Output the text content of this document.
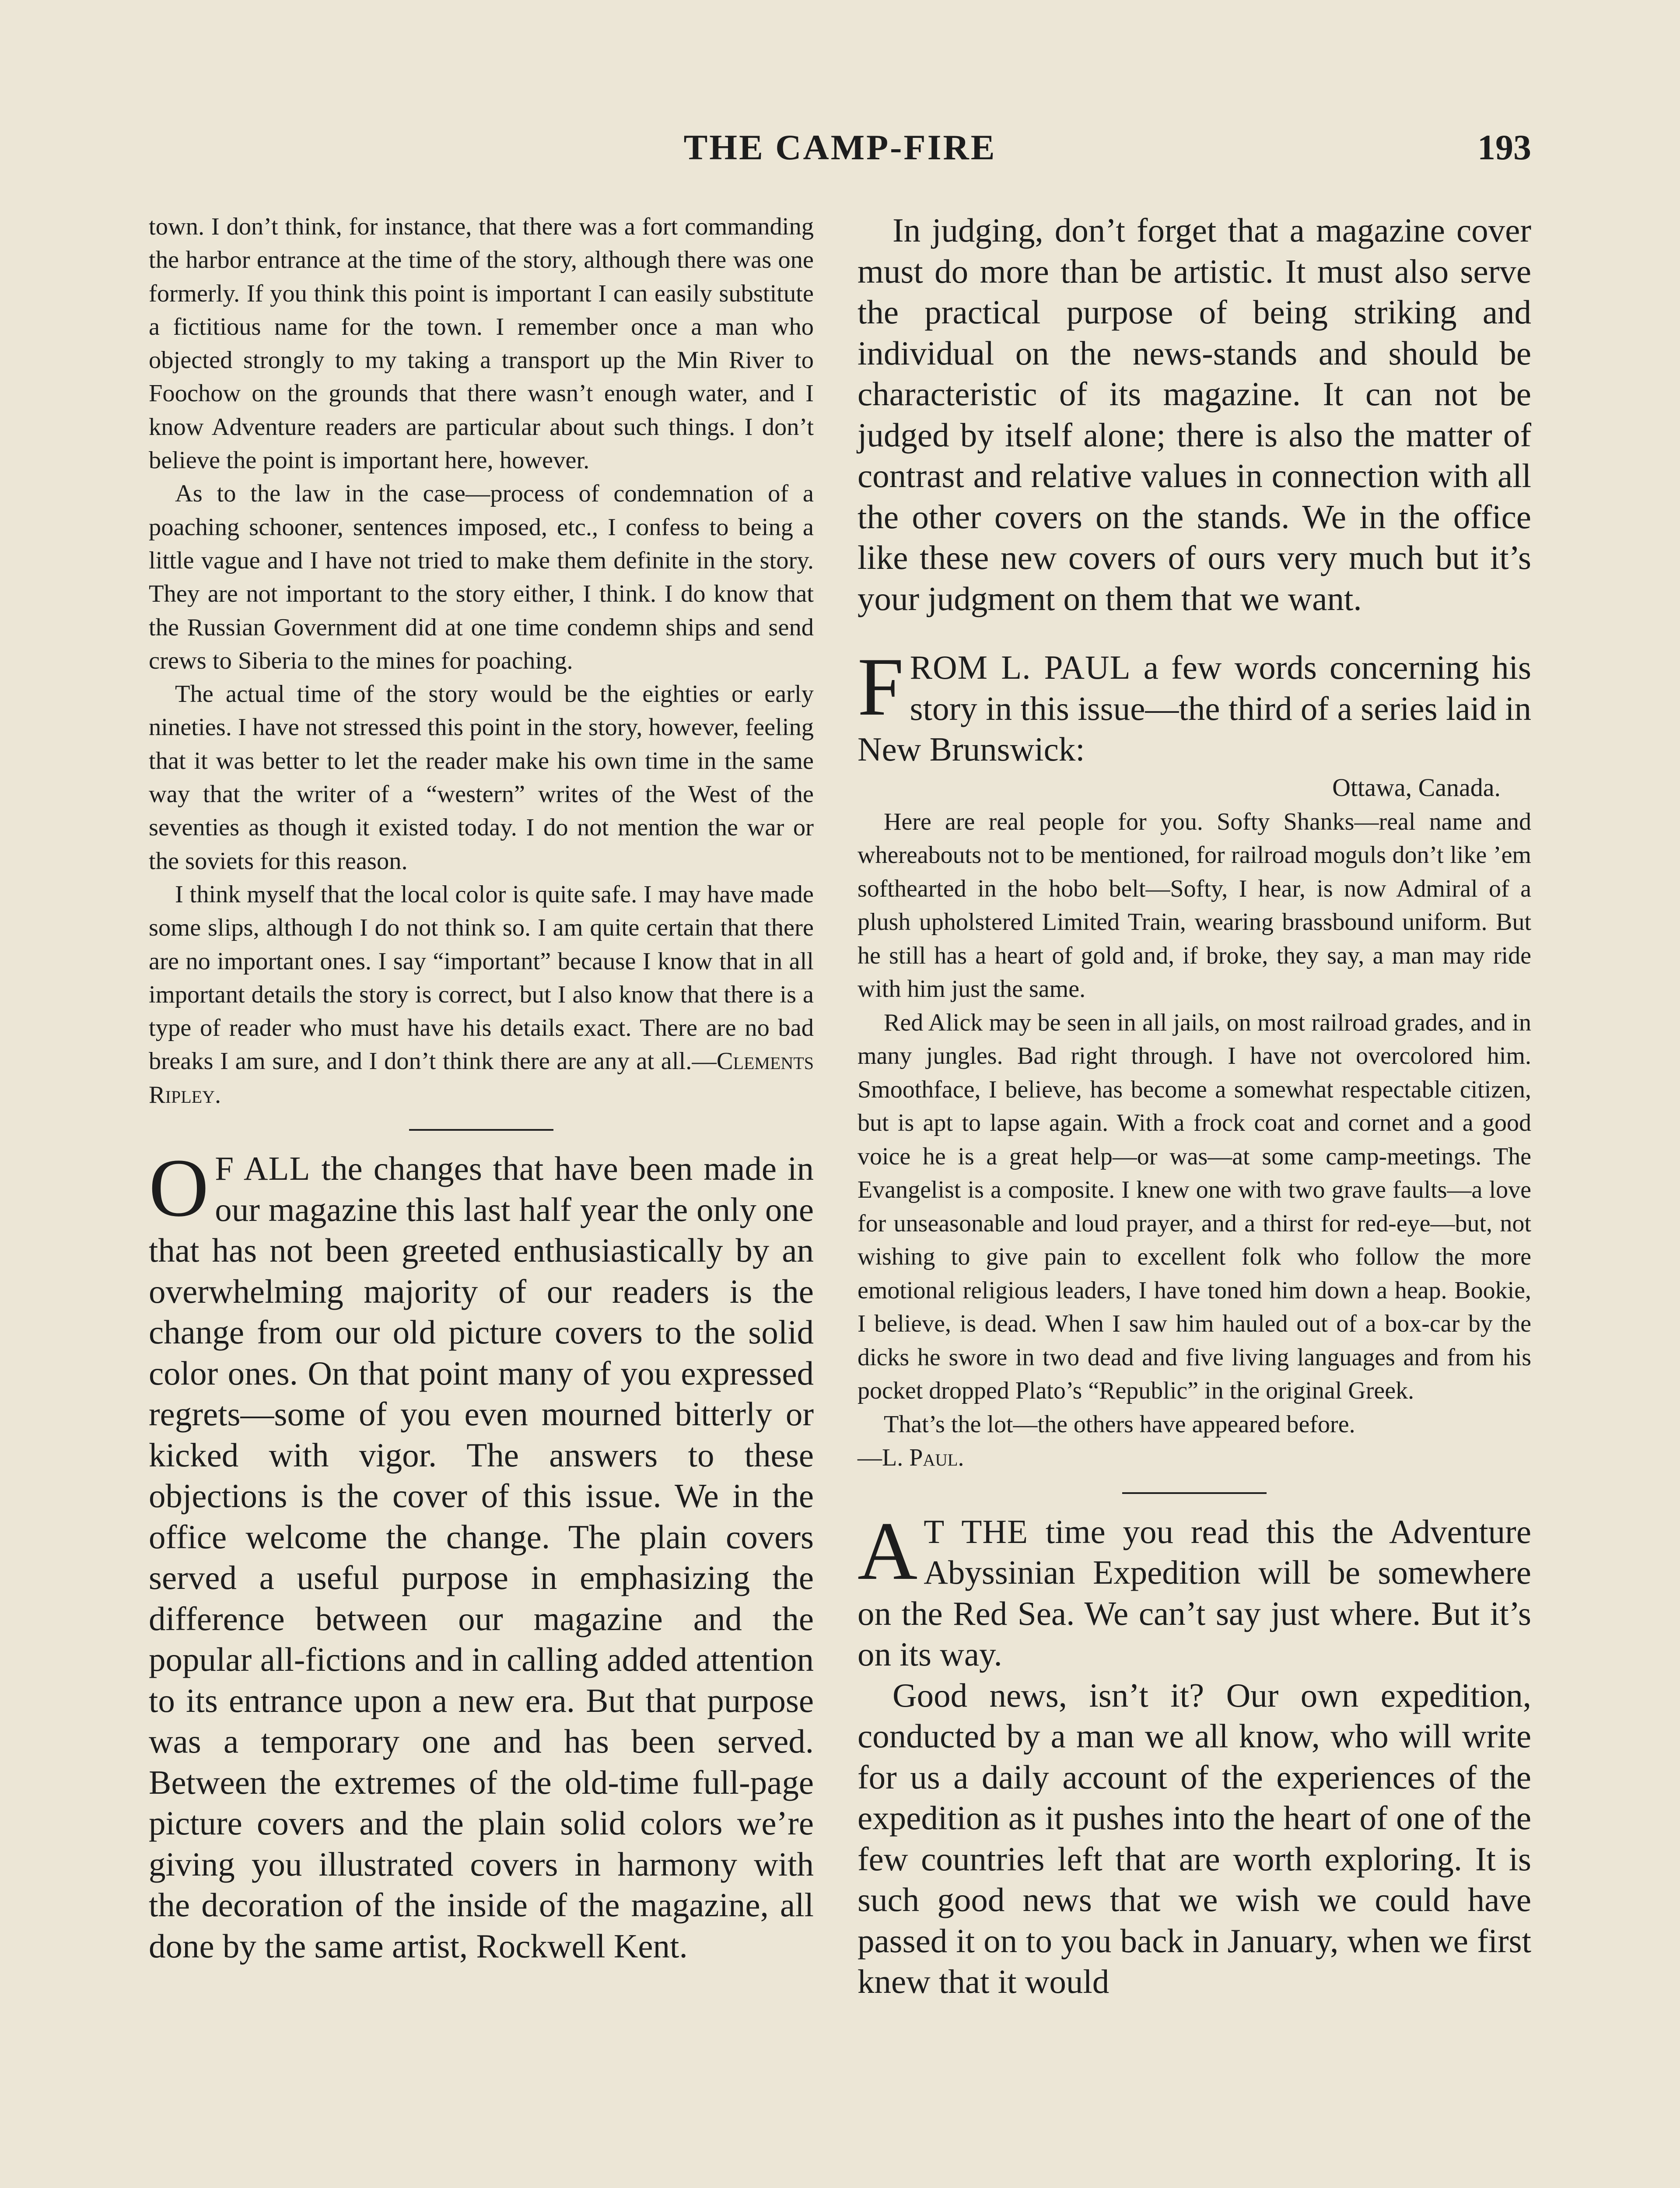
THE CAMP-FIRE	193

town. I don’t think, for instance, that there was a fort commanding the harbor entrance at the time of the story, although there was one formerly. If you think this point is important I can easily substitute a fictitious name for the town. I remember once a man who objected strongly to my taking a transport up the Min River to Foochow on the grounds that there wasn’t enough water, and I know Adventure readers are particular about such things. I don’t believe the point is important here, however.

As to the law in the case—process of condemnation of a poaching schooner, sentences imposed, etc., I confess to being a little vague and I have not tried to make them definite in the story. They are not important to the story either, I think. I do know that the Russian Government did at one time condemn ships and send crews to Siberia to the mines for poaching.

The actual time of the story would be the eighties or early nineties. I have not stressed this point in the story, however, feeling that it was better to let the reader make his own time in the same way that the writer of a “western” writes of the West of the seventies as though it existed today. I do not mention the war or the soviets for this reason.

I think myself that the local color is quite safe. I may have made some slips, although I do not think so. I am quite certain that there are no important ones. I say “important” because I know that in all important details the story is correct, but I also know that there is a type of reader who must have his details exact. There are no bad breaks I am sure, and I don’t think there are any at all.—Clements Ripley.

O F ALL the changes that have been made in our magazine this last half year the only one that has not been greeted enthusiastically by an overwhelming majority of our readers is the change from our old picture covers to the solid color ones. On that point many of you expressed regrets—some of you even mourned bitterly or kicked with vigor. The answers to these objections is the cover of this issue. We in the office welcome the change. The plain covers served a useful purpose in emphasizing the difference between our magazine and the popular all-fictions and in calling added attention to its entrance upon a new era. But that purpose was a temporary one and has been served. Between the extremes of the old-time full-page picture covers and the plain solid colors we’re giving you illustrated covers in harmony with the decoration of the inside of the magazine, all done by the same artist, Rockwell Kent.

In judging, don’t forget that a magazine cover must do more than be artistic. It must also serve the practical purpose of being striking and individual on the news-stands and should be characteristic of its magazine. It can not be judged by itself alone; there is also the matter of contrast and relative values in connection with all the other covers on the stands. We in the office like these new covers of ours very much but it’s your judgment on them that we want.

FROM L. PAUL a few words concerning his story in this issue—the third of a series laid in New Brunswick:

Ottawa, Canada.

Here are real people for you. Softy Shanks—real name and whereabouts not to be mentioned, for railroad moguls don’t like ’em softhearted in the hobo belt—Softy, I hear, is now Admiral of a plush upholstered Limited Train, wearing brassbound uniform. But he still has a heart of gold and, if broke, they say, a man may ride with him just the same.

Red Alick may be seen in all jails, on most railroad grades, and in many jungles. Bad right through. I have not overcolored him. Smoothface, I believe, has become a somewhat respectable citizen, but is apt to lapse again. With a frock coat and cornet and a good voice he is a great help—or was—at some camp-meetings. The Evangelist is a composite. I knew one with two grave faults—a love for unseasonable and loud prayer, and a thirst for red-eye—but, not wishing to give pain to excellent folk who follow the more emotional religious leaders, I have toned him down a heap. Bookie, I believe, is dead. When I saw him hauled out of a box-car by the dicks he swore in two dead and five living languages and from his pocket dropped Plato’s “Republic” in the original Greek.

That’s the lot—the others have appeared before.

—L. Paul.

A T THE time you read this the Adventure Abyssinian Expedition will be somewhere on the Red Sea. We can’t say just where. But it’s on its way.

Good news, isn’t it? Our own expedition, conducted by a man we all know, who will write for us a daily account of the experiences of the expedition as it pushes into the heart of one of the few countries left that are worth exploring. It is such good news that we wish we could have passed it on to you back in January, when we first knew that it would
